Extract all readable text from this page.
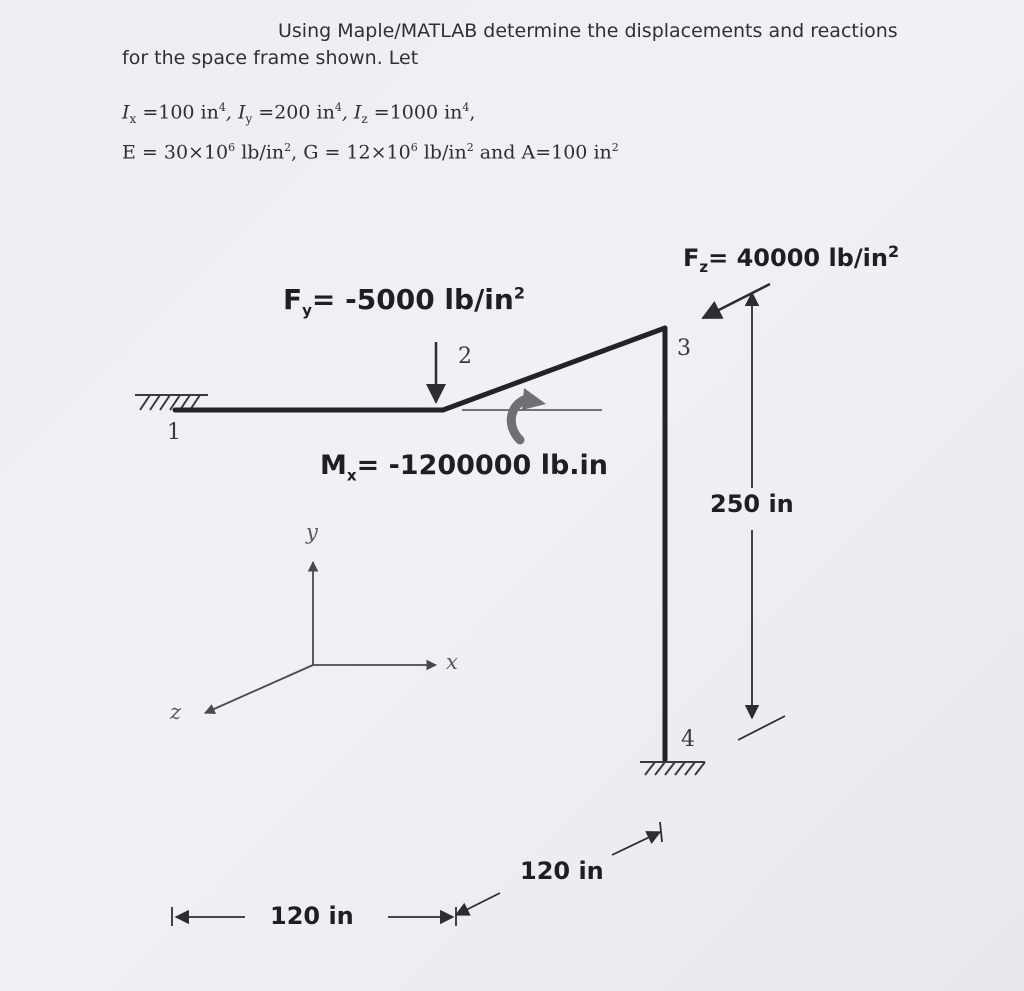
Using Maple/MATLAB determine the displacements and reactions
for the space frame shown. Let
$I_x =100$ $in^4$, $I_y =200$ $in^4$, $I_z =1000$ $in^4$,
$E = 30\times 10^6$ $lb/in^2$, $G = 12\times 10^6$ $lb/in^2$ and A=100 $in^2$
$F_y= -5000$ $lb/in^2$
$F_z= 40000$ $lb/in^2$
$M_x= -1200000$ lb.in
1
2	3
4
y
x
z
250 in
120 in
120 in
